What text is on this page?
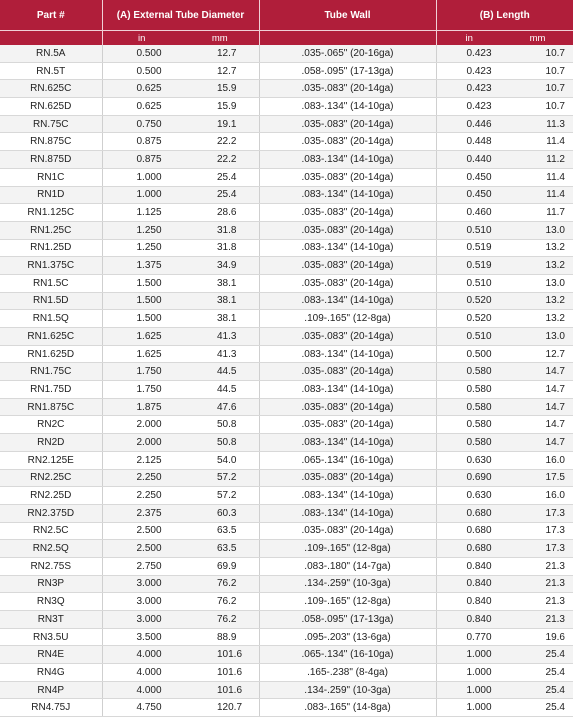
Part #	(A) External Tube Diameter		Tube Wall	(B) Length	
	in	mm		in	mm
RN.5A	0.500	12.7	.035-.065" (20-16ga)	0.423	10.7
RN.5T	0.500	12.7	.058-.095" (17-13ga)	0.423	10.7
RN.625C	0.625	15.9	.035-.083" (20-14ga)	0.423	10.7
RN.625D	0.625	15.9	.083-.134" (14-10ga)	0.423	10.7
RN.75C	0.750	19.1	.035-.083" (20-14ga)	0.446	11.3
RN.875C	0.875	22.2	.035-.083" (20-14ga)	0.448	11.4
RN.875D	0.875	22.2	.083-.134" (14-10ga)	0.440	11.2
RN1C	1.000	25.4	.035-.083" (20-14ga)	0.450	11.4
RN1D	1.000	25.4	.083-.134" (14-10ga)	0.450	11.4
RN1.125C	1.125	28.6	.035-.083" (20-14ga)	0.460	11.7
RN1.25C	1.250	31.8	.035-.083" (20-14ga)	0.510	13.0
RN1.25D	1.250	31.8	.083-.134" (14-10ga)	0.519	13.2
RN1.375C	1.375	34.9	.035-.083" (20-14ga)	0.519	13.2
RN1.5C	1.500	38.1	.035-.083" (20-14ga)	0.510	13.0
RN1.5D	1.500	38.1	.083-.134" (14-10ga)	0.520	13.2
RN1.5Q	1.500	38.1	.109-.165" (12-8ga)	0.520	13.2
RN1.625C	1.625	41.3	.035-.083" (20-14ga)	0.510	13.0
RN1.625D	1.625	41.3	.083-.134" (14-10ga)	0.500	12.7
RN1.75C	1.750	44.5	.035-.083" (20-14ga)	0.580	14.7
RN1.75D	1.750	44.5	.083-.134" (14-10ga)	0.580	14.7
RN1.875C	1.875	47.6	.035-.083" (20-14ga)	0.580	14.7
RN2C	2.000	50.8	.035-.083" (20-14ga)	0.580	14.7
RN2D	2.000	50.8	.083-.134" (14-10ga)	0.580	14.7
RN2.125E	2.125	54.0	.065-.134" (16-10ga)	0.630	16.0
RN2.25C	2.250	57.2	.035-.083" (20-14ga)	0.690	17.5
RN2.25D	2.250	57.2	.083-.134" (14-10ga)	0.630	16.0
RN2.375D	2.375	60.3	.083-.134" (14-10ga)	0.680	17.3
RN2.5C	2.500	63.5	.035-.083" (20-14ga)	0.680	17.3
RN2.5Q	2.500	63.5	.109-.165" (12-8ga)	0.680	17.3
RN2.75S	2.750	69.9	.083-.180" (14-7ga)	0.840	21.3
RN3P	3.000	76.2	.134-.259" (10-3ga)	0.840	21.3
RN3Q	3.000	76.2	.109-.165" (12-8ga)	0.840	21.3
RN3T	3.000	76.2	.058-.095" (17-13ga)	0.840	21.3
RN3.5U	3.500	88.9	.095-.203" (13-6ga)	0.770	19.6
RN4E	4.000	101.6	.065-.134" (16-10ga)	1.000	25.4
RN4G	4.000	101.6	.165-.238" (8-4ga)	1.000	25.4
RN4P	4.000	101.6	.134-.259" (10-3ga)	1.000	25.4
RN4.75J	4.750	120.7	.083-.165" (14-8ga)	1.000	25.4
